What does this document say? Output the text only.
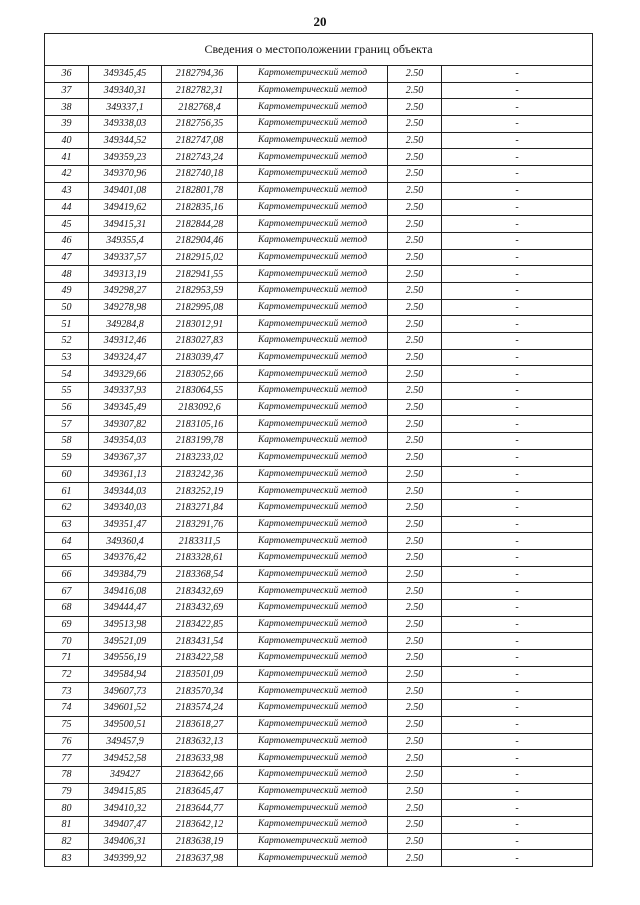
20
Сведения о местоположении границ объекта					
36	349345,45	2182794,36	Картометрический метод	2.50	-
37	349340,31	2182782,31	Картометрический метод	2.50	-
38	349337,1	2182768,4	Картометрический метод	2.50	-
39	349338,03	2182756,35	Картометрический метод	2.50	-
40	349344,52	2182747,08	Картометрический метод	2.50	-
41	349359,23	2182743,24	Картометрический метод	2.50	-
42	349370,96	2182740,18	Картометрический метод	2.50	-
43	349401,08	2182801,78	Картометрический метод	2.50	-
44	349419,62	2182835,16	Картометрический метод	2.50	-
45	349415,31	2182844,28	Картометрический метод	2.50	-
46	349355,4	2182904,46	Картометрический метод	2.50	-
47	349337,57	2182915,02	Картометрический метод	2.50	-
48	349313,19	2182941,55	Картометрический метод	2.50	-
49	349298,27	2182953,59	Картометрический метод	2.50	-
50	349278,98	2182995,08	Картометрический метод	2.50	-
51	349284,8	2183012,91	Картометрический метод	2.50	-
52	349312,46	2183027,83	Картометрический метод	2.50	-
53	349324,47	2183039,47	Картометрический метод	2.50	-
54	349329,66	2183052,66	Картометрический метод	2.50	-
55	349337,93	2183064,55	Картометрический метод	2.50	-
56	349345,49	2183092,6	Картометрический метод	2.50	-
57	349307,82	2183105,16	Картометрический метод	2.50	-
58	349354,03	2183199,78	Картометрический метод	2.50	-
59	349367,37	2183233,02	Картометрический метод	2.50	-
60	349361,13	2183242,36	Картометрический метод	2.50	-
61	349344,03	2183252,19	Картометрический метод	2.50	-
62	349340,03	2183271,84	Картометрический метод	2.50	-
63	349351,47	2183291,76	Картометрический метод	2.50	-
64	349360,4	2183311,5	Картометрический метод	2.50	-
65	349376,42	2183328,61	Картометрический метод	2.50	-
66	349384,79	2183368,54	Картометрический метод	2.50	-
67	349416,08	2183432,69	Картометрический метод	2.50	-
68	349444,47	2183432,69	Картометрический метод	2.50	-
69	349513,98	2183422,85	Картометрический метод	2.50	-
70	349521,09	2183431,54	Картометрический метод	2.50	-
71	349556,19	2183422,58	Картометрический метод	2.50	-
72	349584,94	2183501,09	Картометрический метод	2.50	-
73	349607,73	2183570,34	Картометрический метод	2.50	-
74	349601,52	2183574,24	Картометрический метод	2.50	-
75	349500,51	2183618,27	Картометрический метод	2.50	-
76	349457,9	2183632,13	Картометрический метод	2.50	-
77	349452,58	2183633,98	Картометрический метод	2.50	-
78	349427	2183642,66	Картометрический метод	2.50	-
79	349415,85	2183645,47	Картометрический метод	2.50	-
80	349410,32	2183644,77	Картометрический метод	2.50	-
81	349407,47	2183642,12	Картометрический метод	2.50	-
82	349406,31	2183638,19	Картометрический метод	2.50	-
83	349399,92	2183637,98	Картометрический метод	2.50	-
